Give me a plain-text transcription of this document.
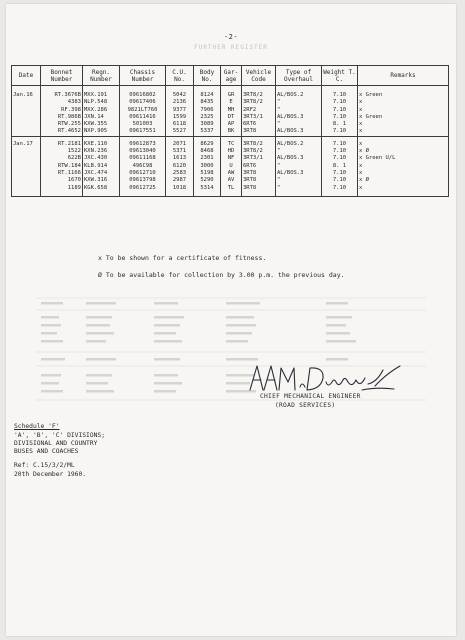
-2-
FURTHER REGISTER
Date	Bonnet Number	Regn. Number	Chassis Number	C.U. No.	Body No.	Gar-age	Vehicle Code	Type of Overhaul	Weight T. C.	Remarks

Jan.16	RT.3676B	MXX.191	09616802	5042	8124	GR	3RT8/2	AL/BOS.2	7.10	x Green
	4383	NLP.548	09617406	2136	8435	E	3RT8/2	"	7.10	x
	RF.398	MXX.286	9821LT760	9377	7906	MH	2RF2	"	7.10	x
	RT.986B	JXN.14	09611416	1599	2325	DT	3RT3/1	AL/BOS.3	7.10	x Green
	RTW.255	KXW.355	501003	6118	3089	AP	6RT6	"	8. 1	x
	RT.4652	NXP.905	09617551	5527	5337	BK	3RT8	AL/BOS.3	7.10	x

Jan.17	RT.2181	KXE.110	09612873	2071	8629	TC	3RT8/2	AL/BOS.2	7.10	x
	1522	KXN.236	09613040	5371	8468	HD	3RT8/2	"	7.10	x Ø
	622B	JXC.430	09611168	1613	2301	NF	3RT3/1	AL/BOS.3	7.10	x Green U/L
	RTW.184	KLB.914	496C98	6120	3000	U	6RT6	"	8. 1	x
	RT.1166	JXC.474	09612710	2583	5198	AW	3RT8	AL/BOS.3	7.10	x
	1670	KXW.316	09613798	2987	5290	AV	3RT8	"	7.10	x Ø
	1189	KGK.658	09612725	1018	5314	TL	3RT8	"	7.10	x

x To be shown for a certificate of fitness.
Ø To be available for collection by 3.00 p.m. the previous day.
CHIEF MECHANICAL ENGINEER
(ROAD SERVICES)
Schedule 'F'
'A', 'B', 'C' DIVISIONS;
DIVISIONAL AND COUNTRY
BUSES AND COACHES
Ref: C.15/3/2/ML
20th December 1960.
